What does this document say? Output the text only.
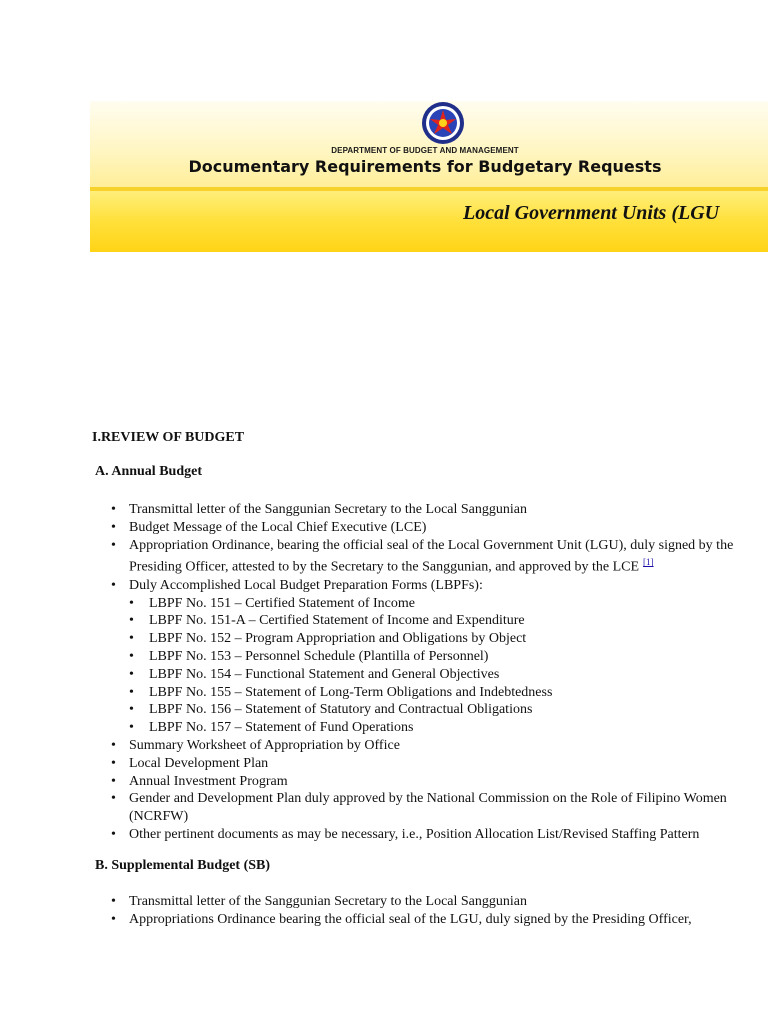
DEPARTMENT OF BUDGET AND MANAGEMENT
Documentary Requirements for Budgetary Requests
Local Government Units (LGU
I.REVIEW OF BUDGET
A. Annual Budget
• Transmittal letter of the Sanggunian Secretary to the Local Sanggunian
• Budget Message of the Local Chief Executive (LCE)
• Appropriation Ordinance, bearing the official seal of the Local Government Unit (LGU), duly signed by the Presiding Officer, attested to by the Secretary to the Sanggunian, and approved by the LCE [1]
• Duly Accomplished Local Budget Preparation Forms (LBPFs):
• LBPF No. 151 – Certified Statement of Income
• LBPF No. 151-A – Certified Statement of Income and Expenditure
• LBPF No. 152 – Program Appropriation and Obligations by Object
• LBPF No. 153 – Personnel Schedule (Plantilla of Personnel)
• LBPF No. 154 – Functional Statement and General Objectives
• LBPF No. 155 – Statement of Long-Term Obligations and Indebtedness
• LBPF No. 156 – Statement of Statutory and Contractual Obligations
• LBPF No. 157 – Statement of Fund Operations
• Summary Worksheet of Appropriation by Office
• Local Development Plan
• Annual Investment Program
• Gender and Development Plan duly approved by the National Commission on the Role of Filipino Women (NCRFW)
• Other pertinent documents as may be necessary, i.e., Position Allocation List/Revised Staffing Pattern
B. Supplemental Budget (SB)
• Transmittal letter of the Sanggunian Secretary to the Local Sanggunian
• Appropriations Ordinance bearing the official seal of the LGU, duly signed by the Presiding Officer,
